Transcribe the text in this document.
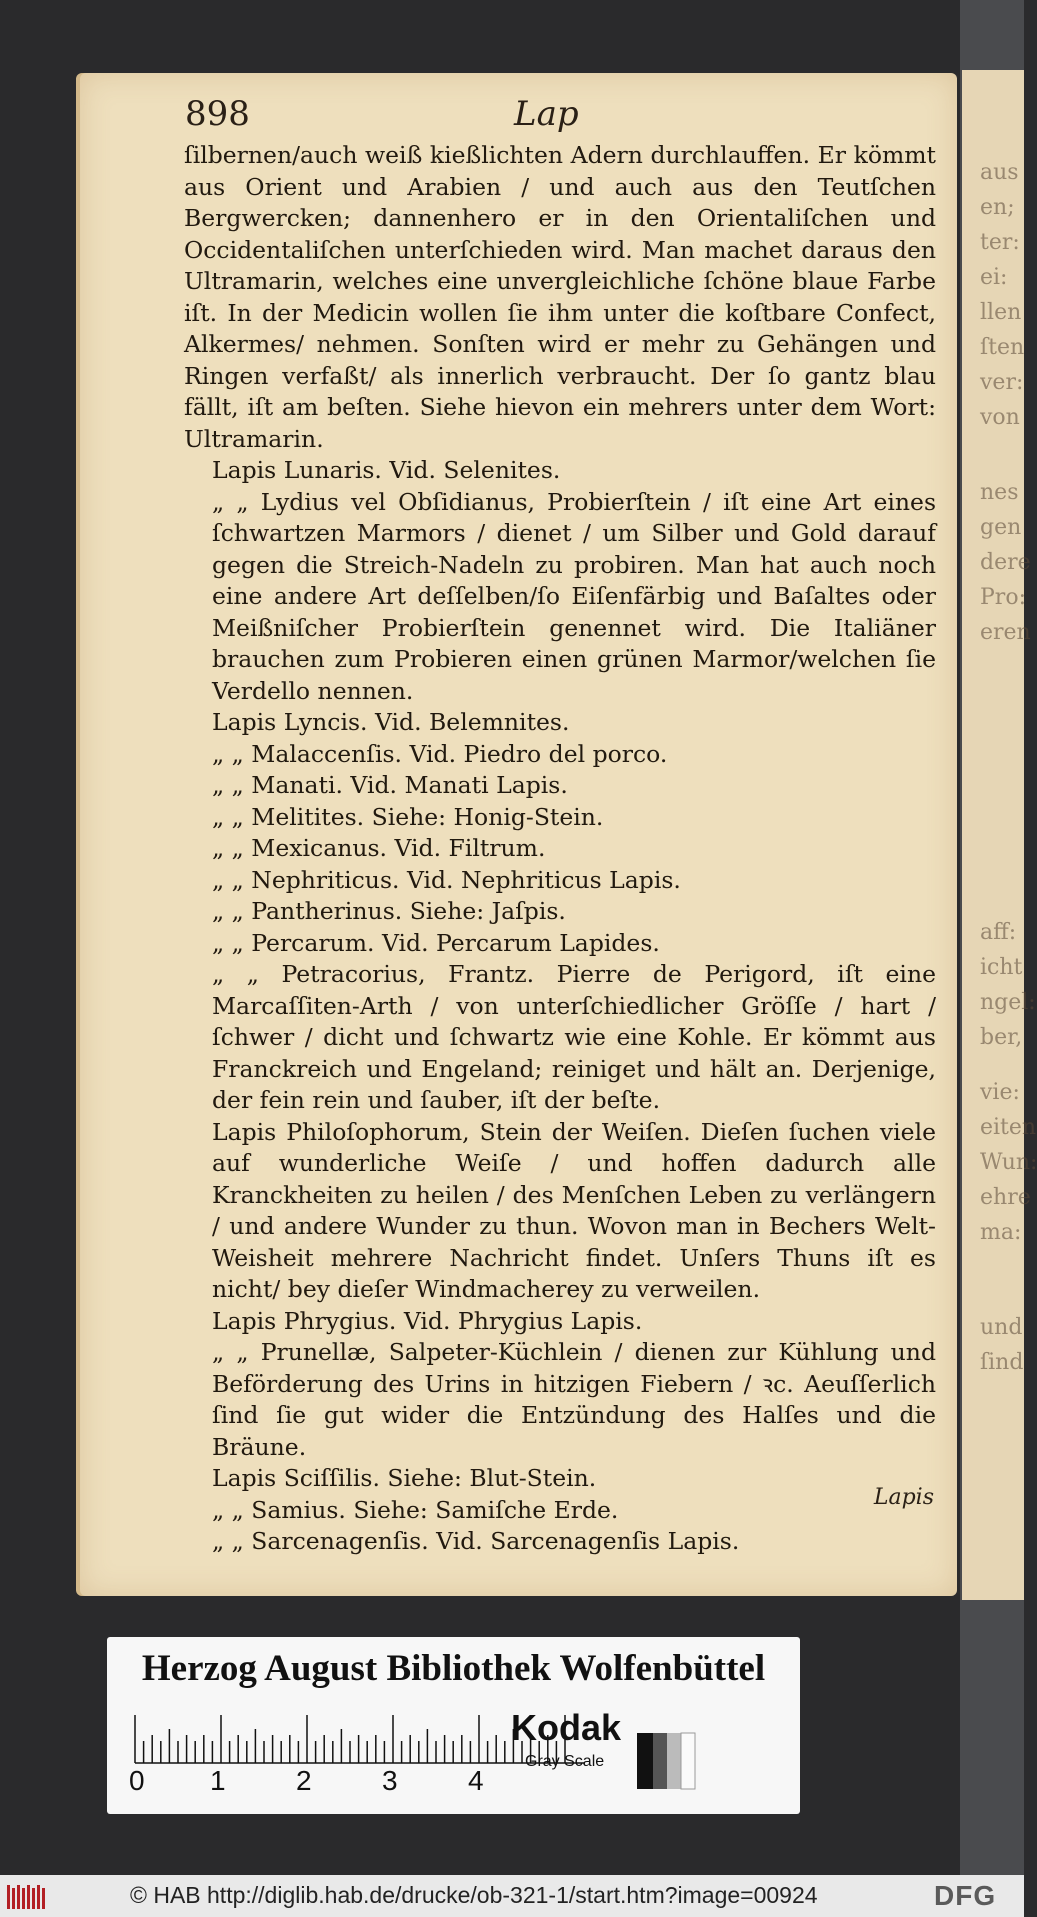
aus
en;
ter:
ei:
llen
ſten
ver:
von
nes
gen
dere
Pro:
eren
aff:
icht
ngel:
ber,
vie:
eiten
Wun:
ehre
ma:
und
ſind
898	Lap

ſilbernen/auch weiß kießlichten Adern durchlauffen. Er kömmt aus Orient und Arabien / und auch aus den Teutſchen Bergwercken; dannenhero er in den Orientaliſchen und Occidentaliſchen unterſchieden wird. Man machet daraus den Ultramarin, welches eine unvergleichliche ſchöne blaue Farbe iſt. In der Medicin wollen ſie ihm unter die koſtbare Confect, Alkermes/ nehmen. Sonſten wird er mehr zu Gehängen und Ringen verfaßt/ als innerlich verbraucht. Der ſo gantz blau fällt, iſt am beſten. Siehe hievon ein mehrers unter dem Wort: Ultramarin.

Lapis Lunaris. Vid. Selenites.

„ „ Lydius vel Obſidianus, Probierſtein / iſt eine Art eines ſchwartzen Marmors / dienet / um Silber und Gold darauf gegen die Streich-Nadeln zu probiren. Man hat auch noch eine andere Art deſſelben/ſo Eiſenfärbig und Baſaltes oder Meißniſcher Probierſtein genennet wird. Die Italiäner brauchen zum Probieren einen grünen Marmor/welchen ſie Verdello nennen.

Lapis Lyncis. Vid. Belemnites.

„ „ Malaccenſis. Vid. Piedro del porco.

„ „ Manati. Vid. Manati Lapis.

„ „ Melitites. Siehe: Honig-Stein.

„ „ Mexicanus. Vid. Filtrum.

„ „ Nephriticus. Vid. Nephriticus Lapis.

„ „ Pantherinus. Siehe: Jaſpis.

„ „ Percarum. Vid. Percarum Lapides.

„ „ Petracorius, Frantz. Pierre de Perigord, iſt eine Marcaſſiten-Arth / von unterſchiedlicher Gröſſe / hart / ſchwer / dicht und ſchwartz wie eine Kohle. Er kömmt aus Franckreich und Engeland; reiniget und hält an. Derjenige, der fein rein und ſauber, iſt der beſte.

Lapis Philoſophorum, Stein der Weiſen. Dieſen ſuchen viele auf wunderliche Weiſe / und hoffen dadurch alle Kranckheiten zu heilen / des Menſchen Leben zu verlängern / und andere Wunder zu thun. Wovon man in Bechers Welt-Weisheit mehrere Nachricht findet. Unſers Thuns iſt es nicht/ bey dieſer Windmacherey zu verweilen.

Lapis Phrygius. Vid. Phrygius Lapis.

„ „ Prunellæ, Salpeter-Küchlein / dienen zur Kühlung und Beförderung des Urins in hitzigen Fiebern / ꝛc. Aeuſſerlich ſind ſie gut wider die Entzündung des Halſes und die Bräune.

Lapis Sciſſilis. Siehe: Blut-Stein.

„ „ Samius. Siehe: Samiſche Erde.

„ „ Sarcenagenſis. Vid. Sarcenagenſis Lapis.

Lapis
Herzog August Bibliothek Wolfenbüttel
0 1	2	3	4
Kodak
Gray Scale
© HAB http://diglib.hab.de/drucke/ob-321-1/start.htm?image=00924	DFG
